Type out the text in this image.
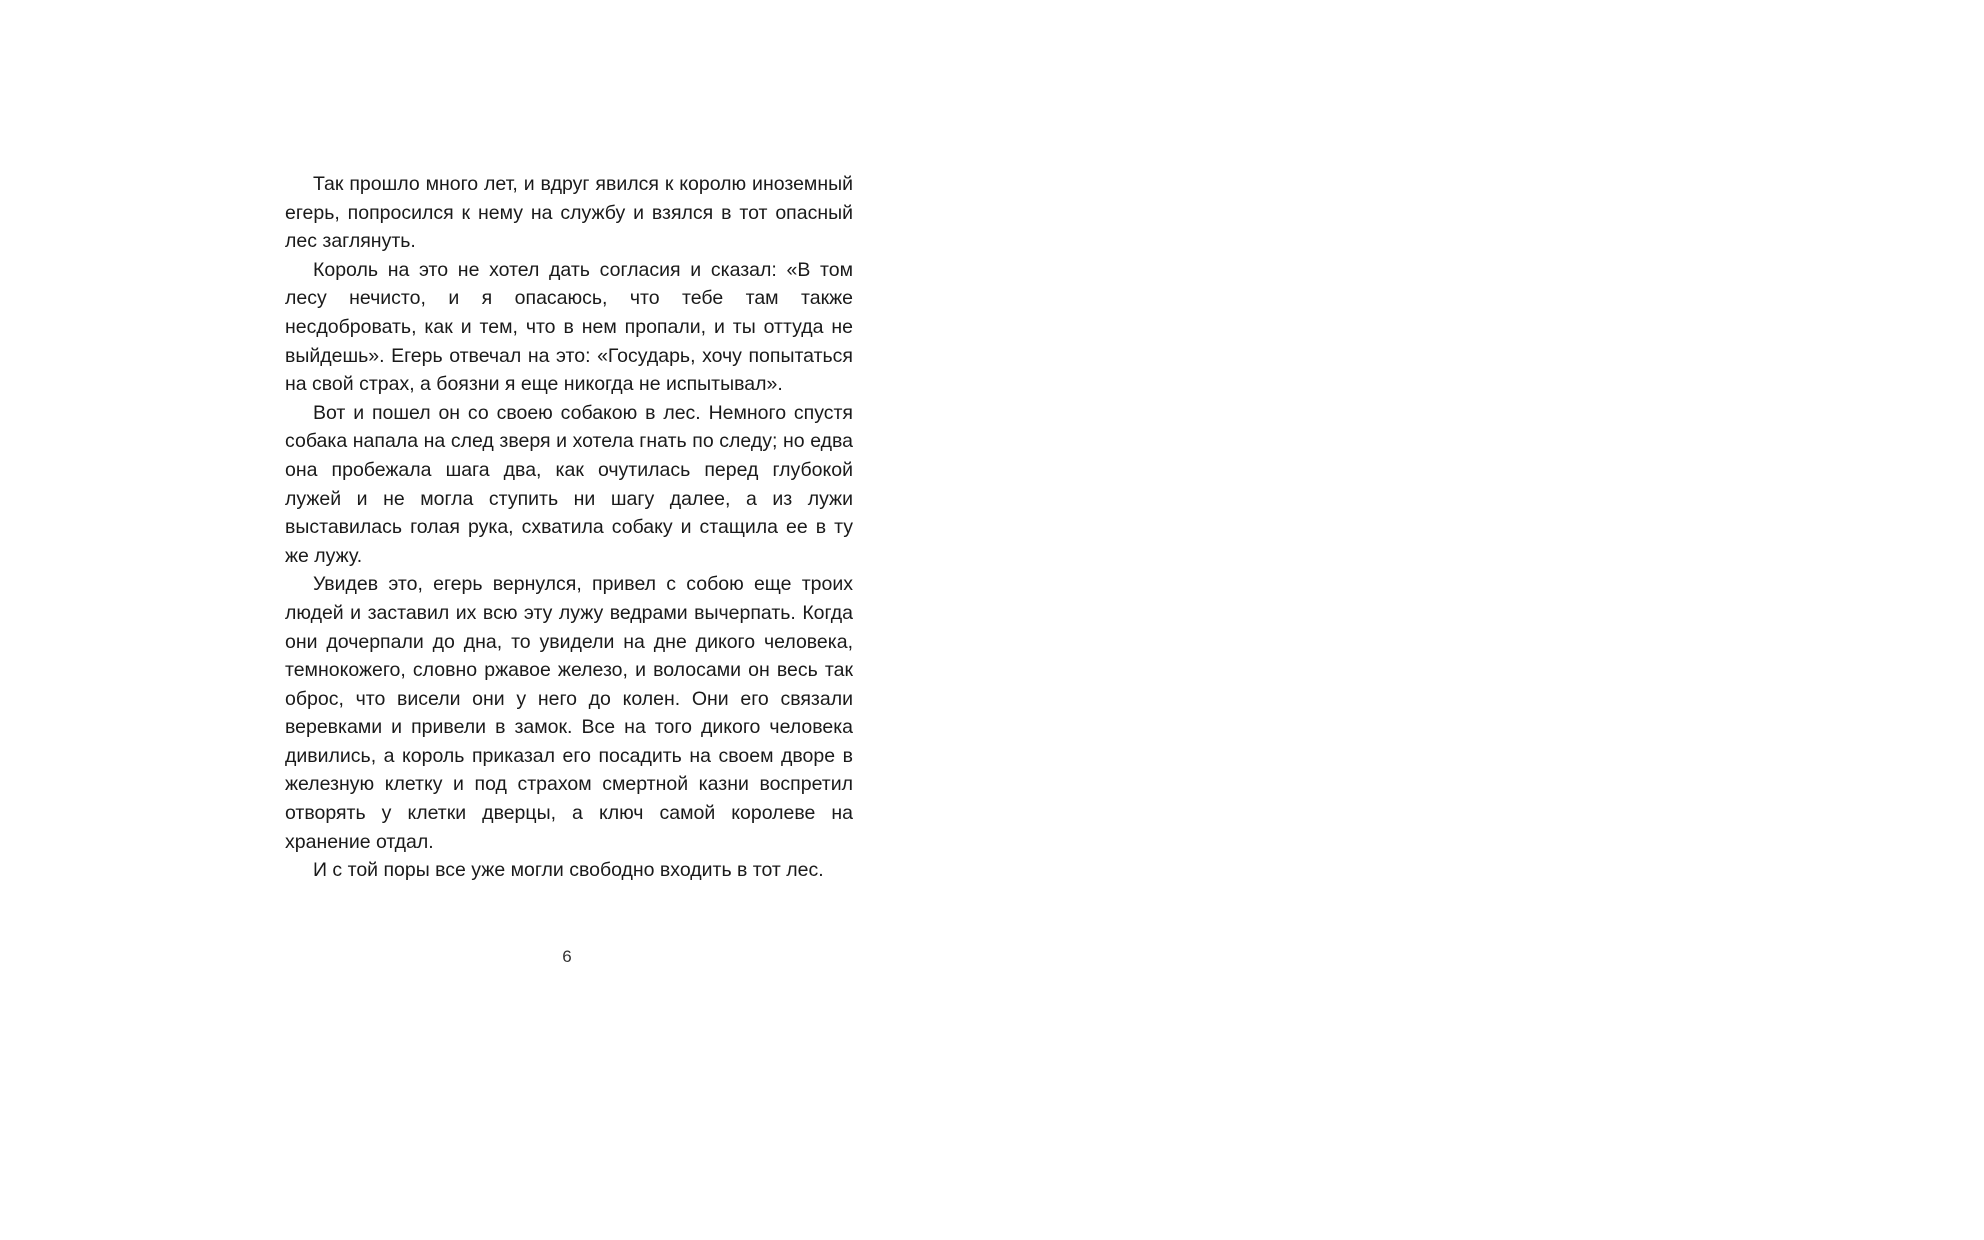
Так прошло много лет, и вдруг явился к королю иноземный егерь, попросился к нему на службу и взялся в тот опасный лес заглянуть.

Король на это не хотел дать согласия и сказал: «В том лесу нечисто, и я опасаюсь, что тебе там также несдобровать, как и тем, что в нем пропали, и ты оттуда не выйдешь». Егерь отвечал на это: «Государь, хочу попытаться на свой страх, а боязни я еще никогда не испытывал».

Вот и пошел он со своею собакою в лес. Немного спустя собака напала на след зверя и хотела гнать по следу; но едва она пробежала шага два, как очутилась перед глубокой лужей и не могла ступить ни шагу далее, а из лужи выставилась голая рука, схватила собаку и стащила ее в ту же лужу.

Увидев это, егерь вернулся, привел с собою еще троих людей и заставил их всю эту лужу ведрами вычерпать. Когда они дочерпали до дна, то увидели на дне дикого человека, темнокожего, словно ржавое железо, и волосами он весь так оброс, что висели они у него до колен. Они его связали веревками и привели в замок. Все на того дикого человека дивились, а король приказал его посадить на своем дворе в железную клетку и под страхом смертной казни воспретил отворять у клетки дверцы, а ключ самой королеве на хранение отдал.

И с той поры все уже могли свободно входить в тот лес.

6
